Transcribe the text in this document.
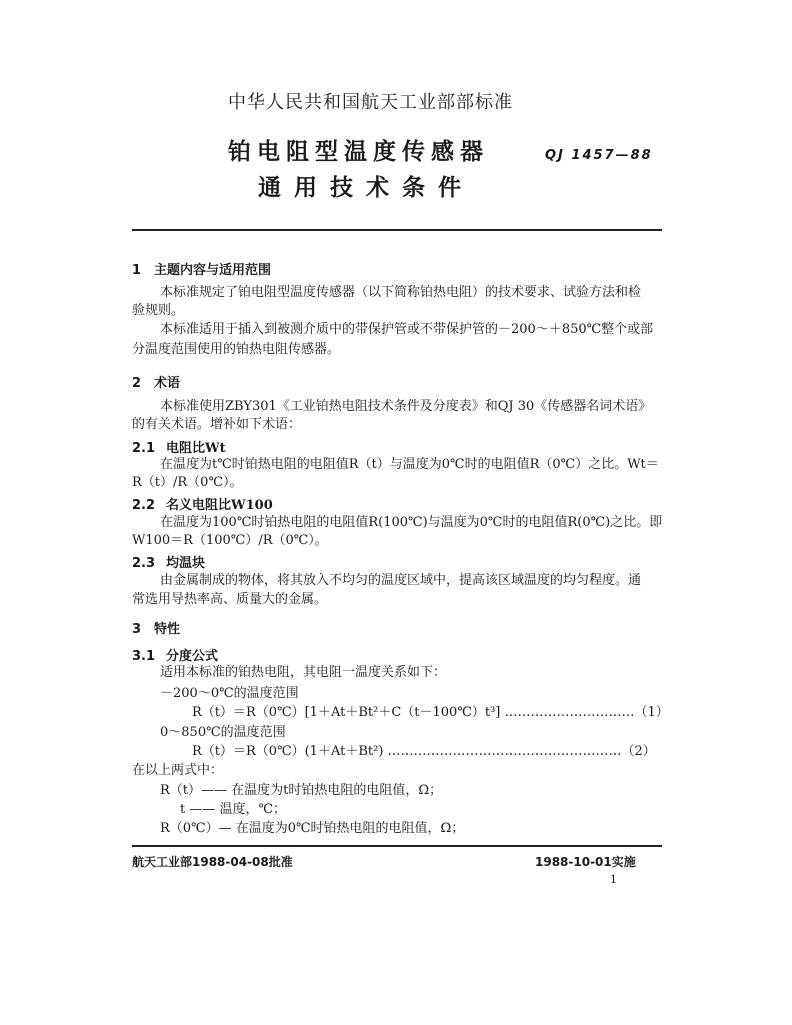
中华人民共和国航天工业部部标准
铂电阻型温度传感器
通用技术条件
QJ 1457—88
1 主题内容与适用范围
本标准规定了铂电阻型温度传感器（以下简称铂热电阻）的技术要求、试验方法和检
验规则。
本标准适用于插入到被测介质中的带保护管或不带保护管的－200～＋850℃整个或部
分温度范围使用的铂热电阻传感器。
2 术语
本标准使用ZBY301《工业铂热电阻技术条件及分度表》和QJ 30《传感器名词术语》
的有关术语。增补如下术语：
2.1 电阻比Wt
在温度为t℃时铂热电阻的电阻值R（t）与温度为0℃时的电阻值R（0℃）之比。Wt＝
R（t）/R（0℃）。
2.2 名义电阻比W100
在温度为100℃时铂热电阻的电阻值R(100℃)与温度为0℃时的电阻值R(0℃)之比。即
W100＝R（100℃）/R（0℃）。
2.3 均温块
由金属制成的物体，将其放入不均匀的温度区域中，提高该区域温度的均匀程度。通
常选用导热率高、质量大的金属。
3 特性
3.1 分度公式
适用本标准的铂热电阻，其电阻一温度关系如下：
－200～0℃的温度范围
R（t）＝R（0℃）[1＋At＋Bt²＋C（t－100℃）t³] …………………………（1）
0～850℃的温度范围
R（t）＝R（0℃）(1＋At＋Bt²) ………………………………………………（2）
在以上两式中：
R（t）—— 在温度为t时铂热电阻的电阻值，Ω；
t —— 温度，℃；
R（0℃）— 在温度为0℃时铂热电阻的电阻值，Ω；
航天工业部1988-04-08批准	1988-10-01实施
1
